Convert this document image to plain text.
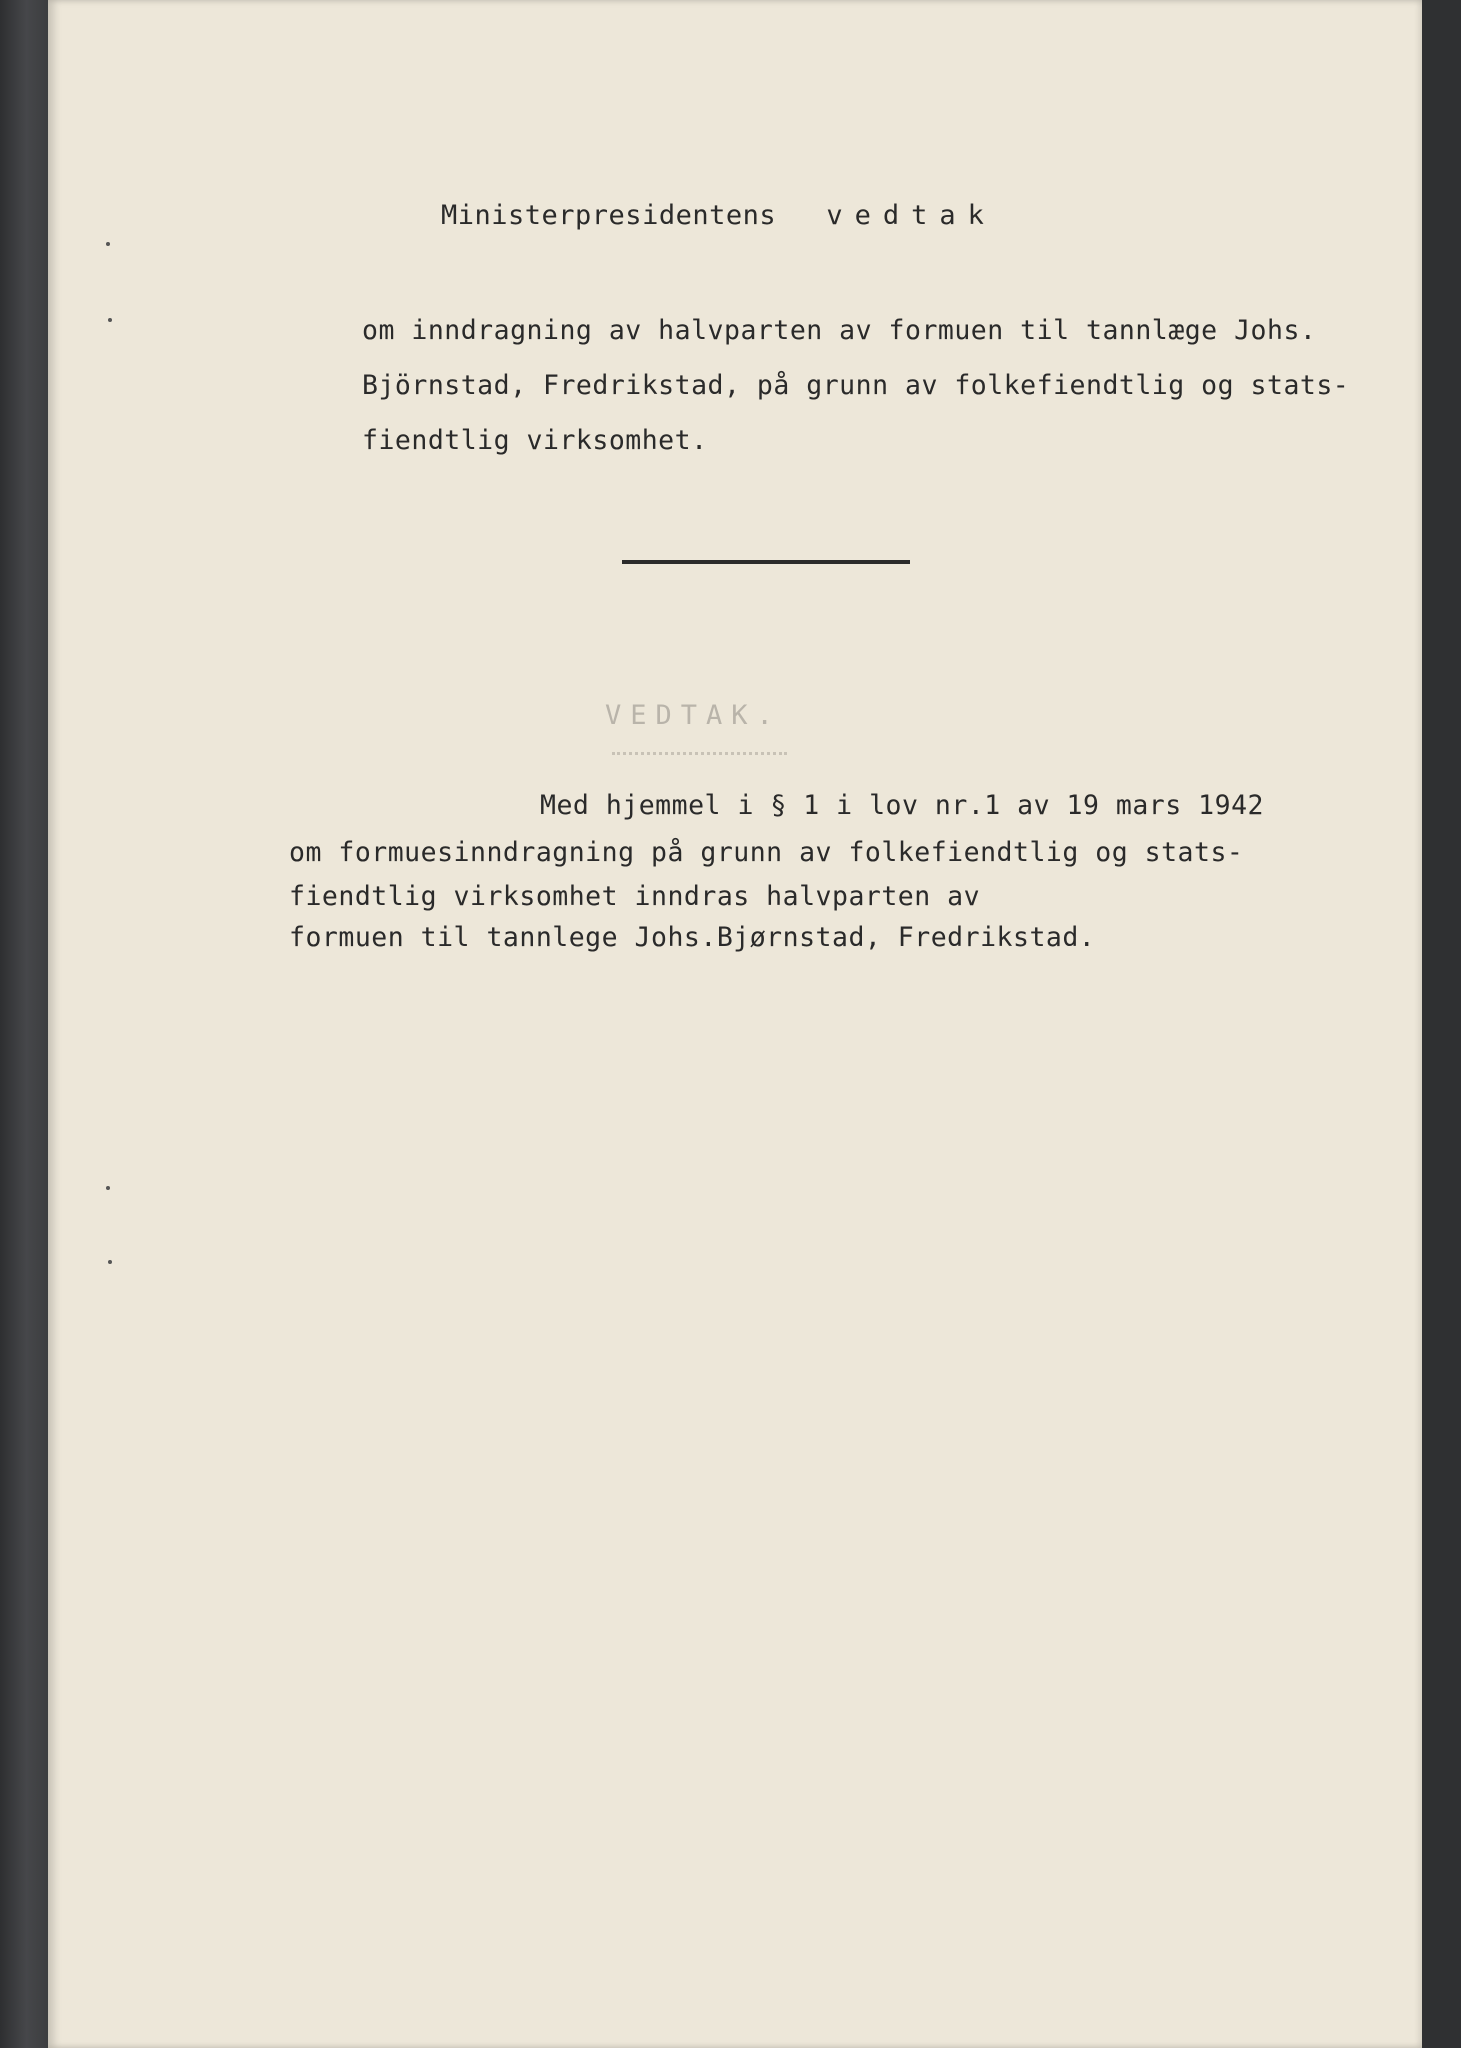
Ministerpresidentens vedtak
om inndragning av halvparten av formuen til tannlæge Johs.
Björnstad, Fredrikstad, på grunn av folkefiendtlig og stats-
fiendtlig virksomhet.
VEDTAK.
Med hjemmel i § 1 i lov nr.1 av 19 mars 1942
om formuesinndragning på grunn av folkefiendtlig og stats-
fiendtlig virksomhet inndras halvparten av
formuen til tannlege Johs.Bjørnstad, Fredrikstad.
